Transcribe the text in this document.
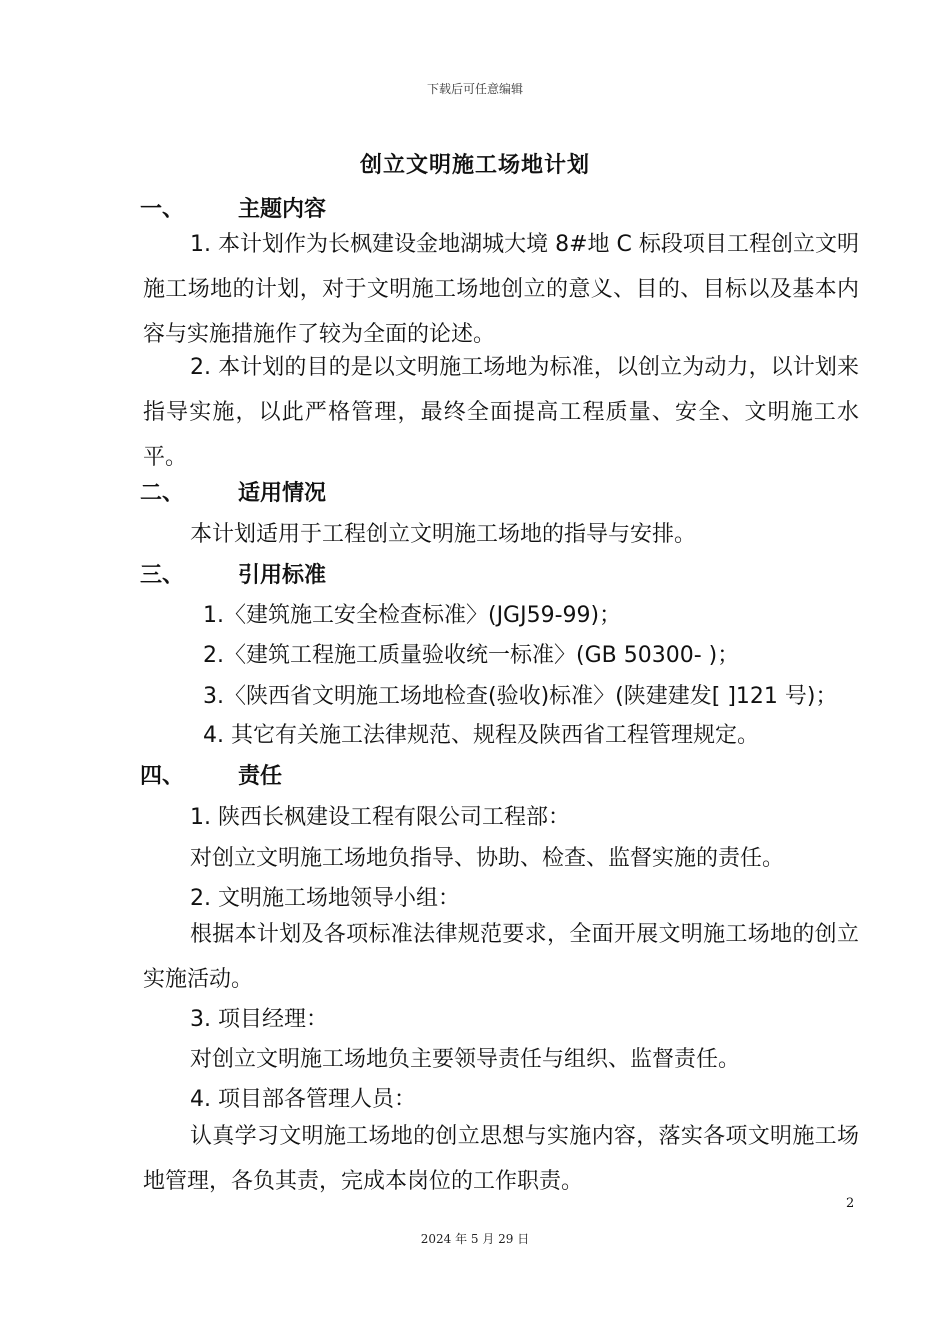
下载后可任意编辑
创立文明施工场地计划
一、 主题内容
1. 本计划作为长枫建设金地湖城大境 8#地 C 标段项目工程创立文明施工场地的计划，对于文明施工场地创立的意义、目的、目标以及基本内容与实施措施作了较为全面的论述。
2. 本计划的目的是以文明施工场地为标准，以创立为动力，以计划来指导实施，以此严格管理，最终全面提高工程质量、安全、文明施工水平。
二、 适用情况
本计划适用于工程创立文明施工场地的指导与安排。
三、 引用标准
1.〈建筑施工安全检查标准〉(JGJ59-99)；
2.〈建筑工程施工质量验收统一标准〉(GB 50300- )；
3.〈陕西省文明施工场地检查(验收)标准〉(陕建建发[ ]121 号)；
4. 其它有关施工法律规范、规程及陕西省工程管理规定。
四、 责任
1. 陕西长枫建设工程有限公司工程部：
对创立文明施工场地负指导、协助、检查、监督实施的责任。
2. 文明施工场地领导小组：
根据本计划及各项标准法律规范要求，全面开展文明施工场地的创立实施活动。
3. 项目经理：
对创立文明施工场地负主要领导责任与组织、监督责任。
4. 项目部各管理人员：
认真学习文明施工场地的创立思想与实施内容，落实各项文明施工场地管理，各负其责，完成本岗位的工作职责。
2
2024 年 5 月 29 日
